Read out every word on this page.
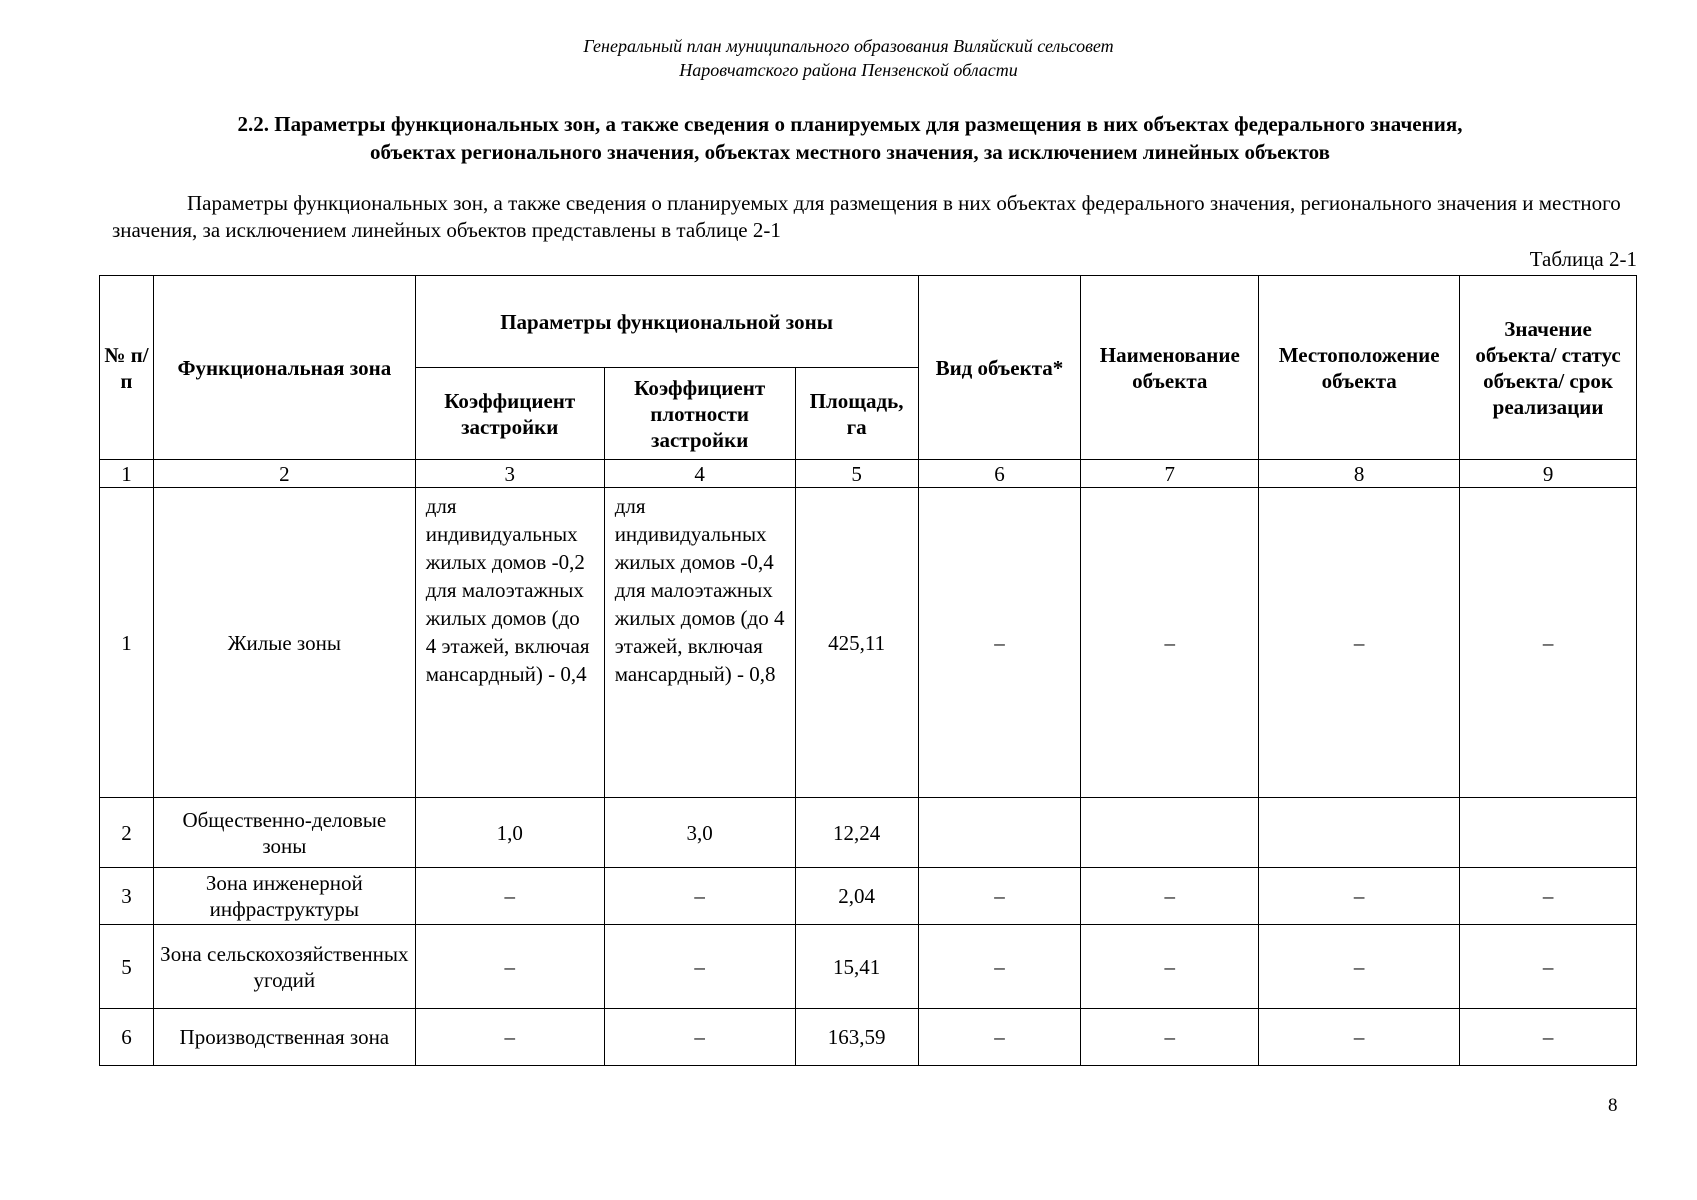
Генеральный план муниципального образования Виляйский сельсовет
Наровчатского района Пензенской области
2.2. Параметры функциональных зон, а также сведения о планируемых для размещения в них объектах федерального значения,
объектах регионального значения, объектах местного значения, за исключением линейных объектов
Параметры функциональных зон, а также сведения о планируемых для размещения в них объектах федерального значения, регионального значения и местного значения, за исключением линейных объектов представлены в таблице 2-1
Таблица 2-1
№ п/п	Функциональная зона	Параметры функциональной зоны			Вид объекта*	Наименование объекта	Местоположение объекта	Значение объекта/ статус объекта/ срок реализации
		Коэффициент застройки	Коэффициент плотности застройки	Площадь, га				
1	2	3	4	5	6	7	8	9
1	Жилые зоны	для индивидуальных жилых домов -0,2 для малоэтажных жилых домов (до 4 этажей, включая мансардный) - 0,4	для индивидуальных жилых домов -0,4 для малоэтажных жилых домов (до 4 этажей, включая мансардный) - 0,8	425,11	–	–	–	–
2	Общественно-деловые зоны	1,0	3,0	12,24				
3	Зона инженерной инфраструктуры	–	–	2,04	–	–	–	–
5	Зона сельскохозяйственных угодий	–	–	15,41	–	–	–	–
6	Производственная зона	–	–	163,59	–	–	–	–
8
